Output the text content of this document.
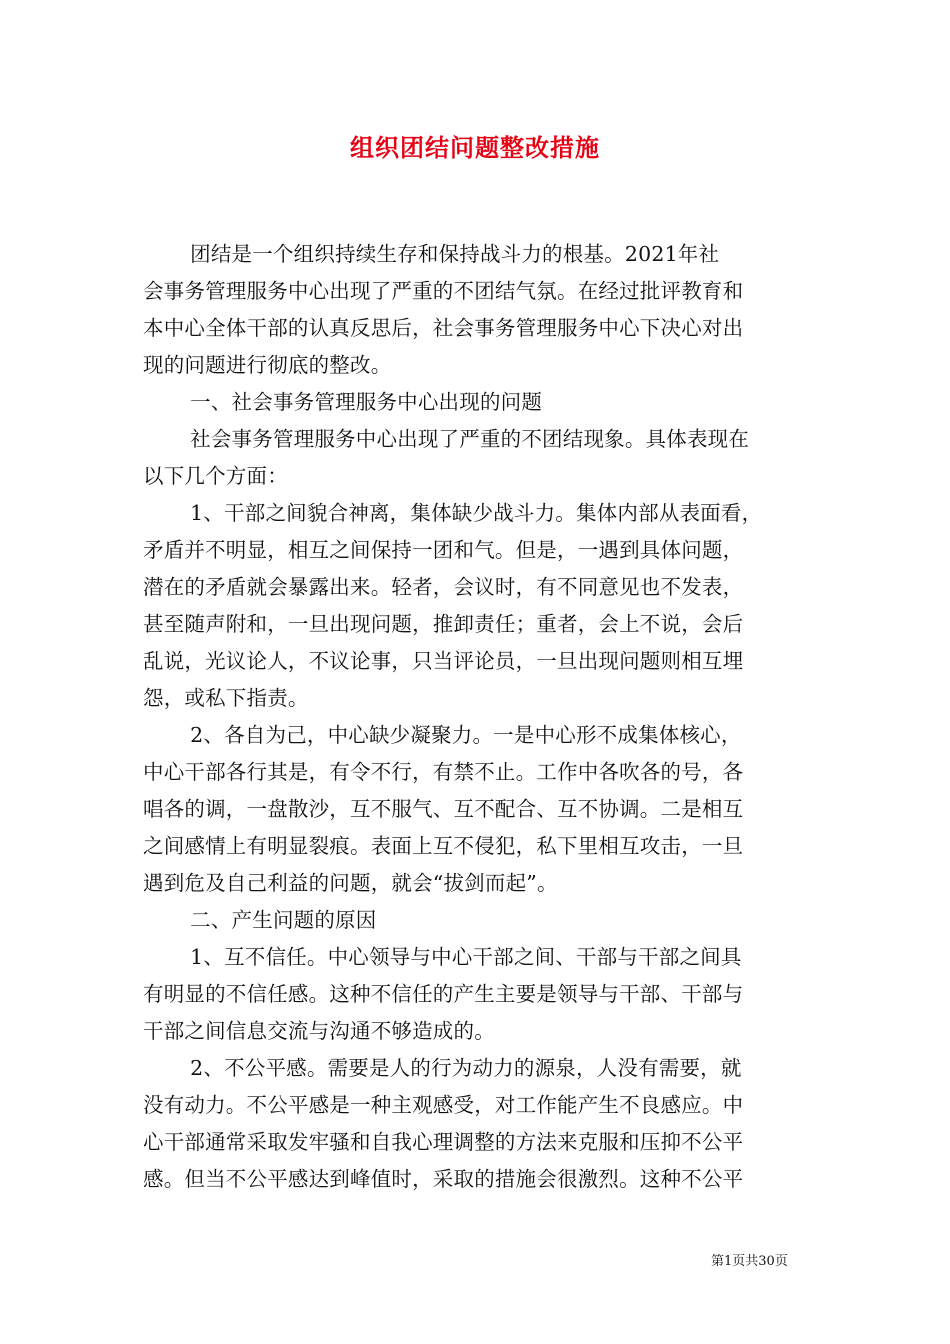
组织团结问题整改措施
团结是一个组织持续生存和保持战斗力的根基。2021年社
会事务管理服务中心出现了严重的不团结气氛。在经过批评教育和
本中心全体干部的认真反思后，社会事务管理服务中心下决心对出
现的问题进行彻底的整改。
一、社会事务管理服务中心出现的问题
社会事务管理服务中心出现了严重的不团结现象。具体表现在
以下几个方面：
1、干部之间貌合神离，集体缺少战斗力。集体内部从表面看，
矛盾并不明显，相互之间保持一团和气。但是，一遇到具体问题，
潜在的矛盾就会暴露出来。轻者，会议时，有不同意见也不发表，
甚至随声附和，一旦出现问题，推卸责任；重者，会上不说，会后
乱说，光议论人，不议论事，只当评论员，一旦出现问题则相互埋
怨，或私下指责。
2、各自为己，中心缺少凝聚力。一是中心形不成集体核心，
中心干部各行其是，有令不行，有禁不止。工作中各吹各的号，各
唱各的调，一盘散沙，互不服气、互不配合、互不协调。二是相互
之间感情上有明显裂痕。表面上互不侵犯，私下里相互攻击，一旦
遇到危及自己利益的问题，就会“拔剑而起”。
二、产生问题的原因
1、互不信任。中心领导与中心干部之间、干部与干部之间具
有明显的不信任感。这种不信任的产生主要是领导与干部、干部与
干部之间信息交流与沟通不够造成的。
2、不公平感。需要是人的行为动力的源泉，人没有需要，就
没有动力。不公平感是一种主观感受，对工作能产生不良感应。中
心干部通常采取发牢骚和自我心理调整的方法来克服和压抑不公平
感。但当不公平感达到峰值时，采取的措施会很激烈。这种不公平
第1页共30页
